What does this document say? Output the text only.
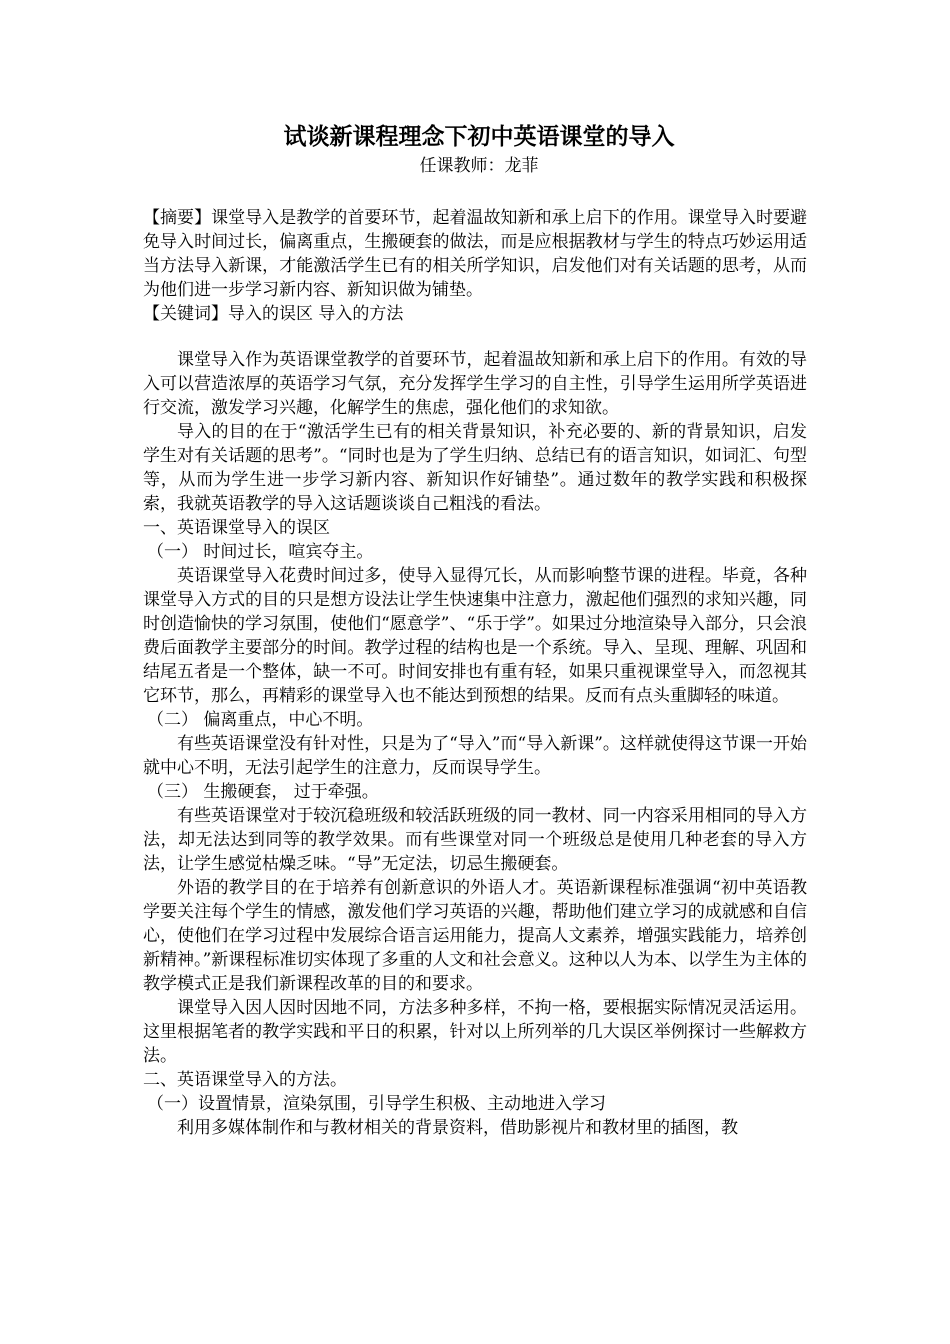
试谈新课程理念下初中英语课堂的导入

任课教师：龙菲

【摘要】课堂导入是教学的首要环节，起着温故知新和承上启下的作用。课堂导入时要避免导入时间过长，偏离重点，生搬硬套的做法，而是应根据教材与学生的特点巧妙运用适当方法导入新课，才能激活学生已有的相关所学知识，启发他们对有关话题的思考，从而为他们进一步学习新内容、新知识做为铺垫。

【关键词】导入的误区 导入的方法

课堂导入作为英语课堂教学的首要环节，起着温故知新和承上启下的作用。有效的导入可以营造浓厚的英语学习气氛，充分发挥学生学习的自主性，引导学生运用所学英语进行交流，激发学习兴趣，化解学生的焦虑，强化他们的求知欲。

导入的目的在于“激活学生已有的相关背景知识，补充必要的、新的背景知识，启发学生对有关话题的思考”。“同时也是为了学生归纳、总结已有的语言知识，如词汇、句型等，从而为学生进一步学习新内容、新知识作好铺垫”。通过数年的教学实践和积极探索，我就英语教学的导入这话题谈谈自己粗浅的看法。

一、英语课堂导入的误区

（一） 时间过长，喧宾夺主。

英语课堂导入花费时间过多，使导入显得冗长，从而影响整节课的进程。毕竟，各种课堂导入方式的目的只是想方设法让学生快速集中注意力，激起他们强烈的求知兴趣，同时创造愉快的学习氛围，使他们“愿意学”、“乐于学”。如果过分地渲染导入部分，只会浪费后面教学主要部分的时间。教学过程的结构也是一个系统。导入、呈现、理解、巩固和结尾五者是一个整体，缺一不可。时间安排也有重有轻，如果只重视课堂导入，而忽视其它环节，那么，再精彩的课堂导入也不能达到预想的结果。反而有点头重脚轻的味道。

（二） 偏离重点，中心不明。

有些英语课堂没有针对性，只是为了“导入”而“导入新课”。这样就使得这节课一开始就中心不明，无法引起学生的注意力，反而误导学生。

（三） 生搬硬套， 过于牵强。

有些英语课堂对于较沉稳班级和较活跃班级的同一教材、同一内容采用相同的导入方法，却无法达到同等的教学效果。而有些课堂对同一个班级总是使用几种老套的导入方法，让学生感觉枯燥乏味。“导”无定法，切忌生搬硬套。

外语的教学目的在于培养有创新意识的外语人才。英语新课程标准强调“初中英语教学要关注每个学生的情感，激发他们学习英语的兴趣，帮助他们建立学习的成就感和自信心，使他们在学习过程中发展综合语言运用能力，提高人文素养，增强实践能力，培养创新精神。”新课程标准切实体现了多重的人文和社会意义。这种以人为本、以学生为主体的教学模式正是我们新课程改革的目的和要求。

课堂导入因人因时因地不同，方法多种多样，不拘一格，要根据实际情况灵活运用。这里根据笔者的教学实践和平日的积累，针对以上所列举的几大误区举例探讨一些解救方法。

二、英语课堂导入的方法。

（一）设置情景，渲染氛围，引导学生积极、主动地进入学习

利用多媒体制作和与教材相关的背景资料，借助影视片和教材里的插图，教
